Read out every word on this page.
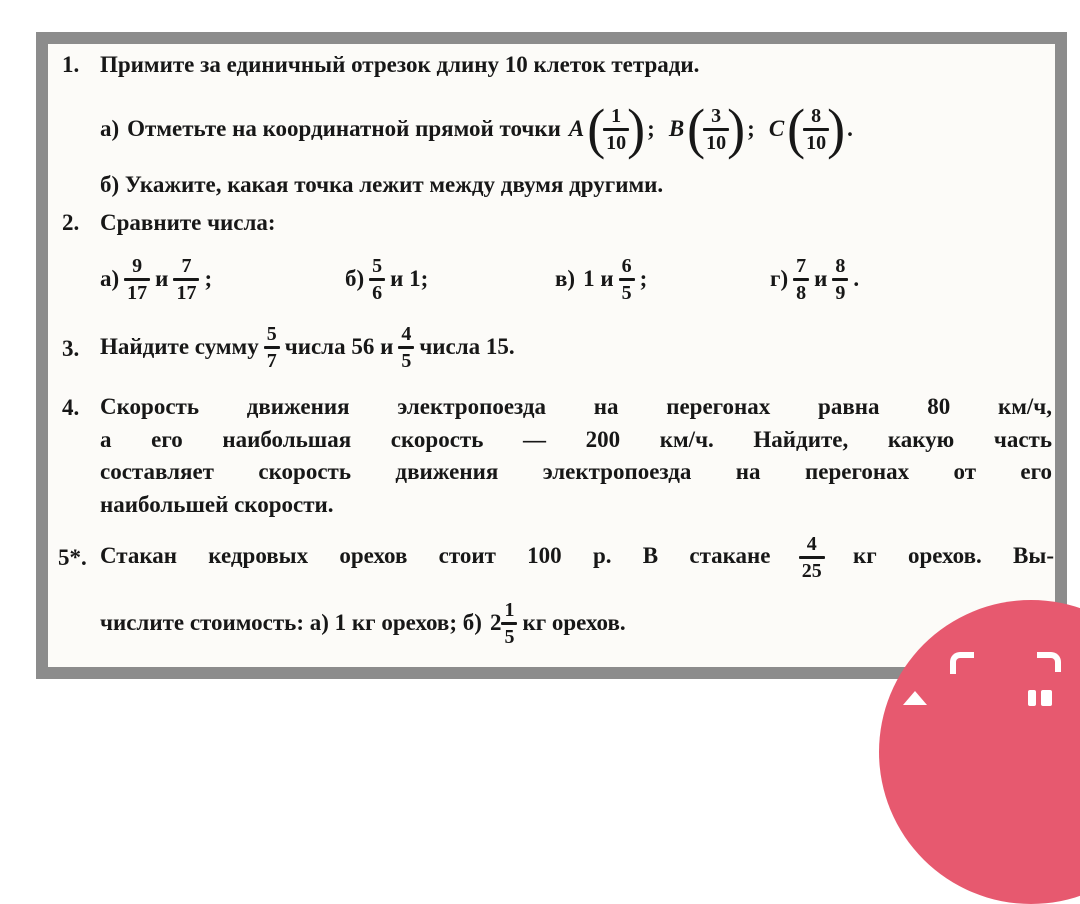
1. Примите за единичный отрезок длину 10 клеток тетради.
а) Отметьте на координатной прямой точки A ( $\frac{1}{10}$ ) ; B ( $\frac{3}{10}$ ) ; C ( $\frac{8}{10}$ ) .
б) Укажите, какая точка лежит между двумя другими.
2. Сравните числа:
$а) \frac{9}{17}$ и $\frac{7}{17}$ ;	$б) \frac{5}{6}$ и 1;	в) 1 и $\frac{6}{5}$ ;	$г) \frac{7}{8}$ и $\frac{8}{9}$ .
3. Найдите сумму $\frac{5}{7}$ числа 56 и $\frac{4}{5}$ числа 15.
4. Скорость движения электропоезда на перегонах равна 80 км/ч,
а его наибольшая скорость — 200 км/ч. Найдите, какую часть
составляет скорость движения электропоезда на перегонах от его
наибольшей скорости.
5*. Стакан кедровых орехов стоит 100 р. В стакане $\frac{4}{25}$ кг орехов. Вы-
числите стоимость: а) 1 кг орехов; б) $2 \frac{1}{5}$ кг орехов.
